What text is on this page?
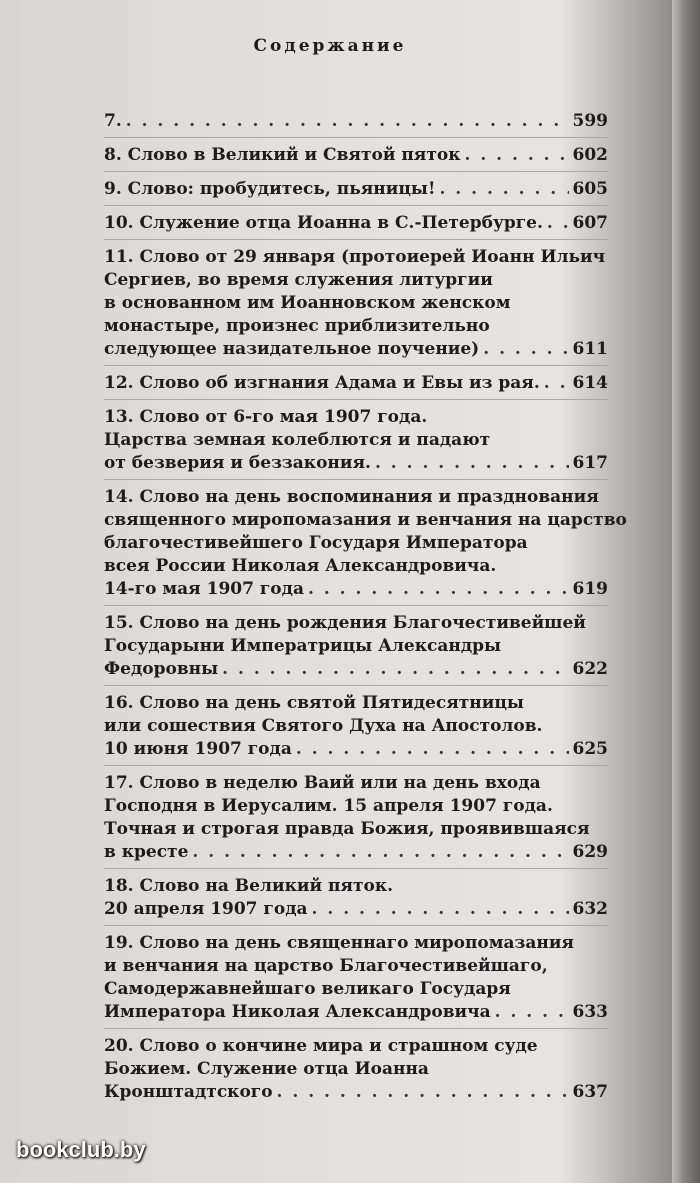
Содержание
7. . . .	599
8. Слово в Великий и Святой пяток . . .	602
9. Слово: пробудитесь, пьяницы! . . .	605
10. Служение отца Иоанна в С.-Петербурге. . . . 607
11. Слово от 29 января (протоиерей Иоанн Ильич
Сергиев, во время служения литургии
в основанном им Иоанновском женском
монастыре, произнес приблизительно
следующее назидательное поучение) . . .	611
12. Слово об изгнания Адама и Евы из рая. . . . 614
13. Слово от 6-го мая 1907 года.
Царства земная колеблются и падают
от безверия и беззакония. . . .	617
14. Слово на день воспоминания и празднования
священного миропомазания и венчания на царство
благочестивейшего Государя Императора
всея России Николая Александровича.
14-го мая 1907 года . . .	619
15. Слово на день рождения Благочестивейшей
Государыни Императрицы Александры
Федоровны . . .	622
16. Слово на день святой Пятидесятницы
или сошествия Святого Духа на Апостолов.
10 июня 1907 года . . .	625
17. Слово в неделю Ваий или на день входа
Господня в Иерусалим. 15 апреля 1907 года.
Точная и строгая правда Божия, проявившаяся
в кресте . . .	629
18. Слово на Великий пяток.
20 апреля 1907 года . . .	632
19. Слово на день священнаго миропомазания
и венчания на царство Благочестивейшаго,
Самодержавнейшаго великаго Государя
Императора Николая Александровича . . .	633
20. Слово о кончине мира и страшном суде
Божием. Служение отца Иоанна
Кронштадтского . . .	637
bookclub.by
